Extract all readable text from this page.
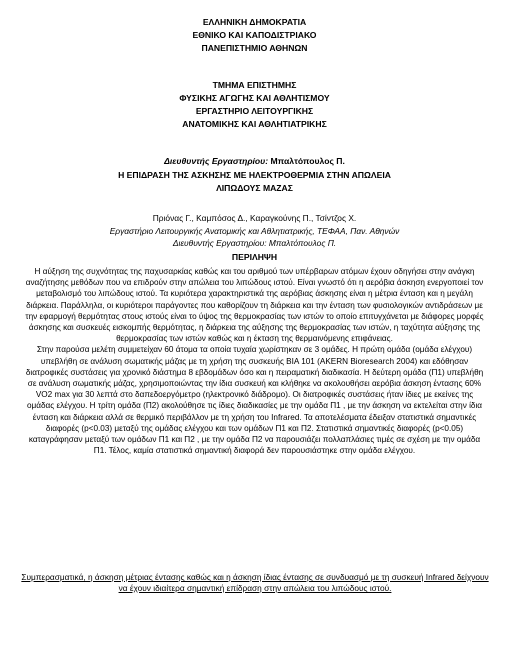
ΕΛΛΗΝΙΚΗ ΔΗΜΟΚΡΑΤΙΑ
ΕΘΝΙΚΟ ΚΑΙ ΚΑΠΟΔΙΣΤΡΙΑΚΟ
ΠΑΝΕΠΙΣΤΗΜΙΟ ΑΘΗΝΩΝ
ΤΜΗΜΑ ΕΠΙΣΤΗΜΗΣ
ΦΥΣΙΚΗΣ ΑΓΩΓΗΣ ΚΑΙ ΑΘΛΗΤΙΣΜΟΥ
ΕΡΓΑΣΤΗΡΙΟ ΛΕΙΤΟΥΡΓΙΚΗΣ
ΑΝΑΤΟΜΙΚΗΣ ΚΑΙ ΑΘΛΗΤΙΑΤΡΙΚΗΣ
Διευθυντής Εργαστηρίου: Μπαλτόπουλος Π.
Η ΕΠΙΔΡΑΣΗ ΤΗΣ ΑΣΚΗΣΗΣ ΜΕ ΗΛΕΚΤΡΟΘΕΡΜΙΑ ΣΤΗΝ ΑΠΩΛΕΙΑ
ΛΙΠΩΔΟΥΣ ΜΑΖΑΣ
Πριόνας Γ., Καμπόσος Δ., Καραγκούνης Π., Τσίντζος Χ.
Εργαστήριο Λειτουργικής Ανατομικής και Αθλητιατρικής, ΤΕΦΑΑ, Παν. Αθηνών
Διευθυντής Εργαστηρίου: Μπαλτόπουλος Π.
ΠΕΡΙΛΗΨΗ

Η αύξηση της συχνότητας της παχυσαρκίας καθώς και του αριθμού των υπέρβαρων ατόμων έχουν οδηγήσει στην ανάγκη αναζήτησης μεθόδων που να επιδρούν στην απώλεια του λιπώδους ιστού. Είναι γνωστό ότι η αερόβια άσκηση ενεργοποιεί τον μεταβολισμό του λιπώδους ιστού. Τα κυριότερα χαρακτηριστικά της αερόβιας άσκησης είναι η μέτρια ένταση και η μεγάλη διάρκεια. Παράλληλα, οι κυριότεροι παράγοντες που καθορίζουν τη διάρκεια και την ένταση των φυσιολογικών αντιδράσεων με την εφαρμογή θερμότητας στους ιστούς είναι το ύψος της θερμοκρασίας των ιστών το οποίο επιτυγχάνεται με διάφορες μορφές άσκησης και συσκευές εισκομπής θερμότητας, η διάρκεια της αύξησης της θερμοκρασίας των ιστών, η ταχύτητα αύξησης της θερμοκρασίας των ιστών καθώς και η έκταση της θερμαινόμενης επιφάνειας.

Στην παρούσα μελέτη συμμετείχαν 60 άτομα τα οποία τυχαία χωρίστηκαν σε 3 ομάδες. Η πρώτη ομάδα (ομάδα ελέγχου) υπεβλήθη σε ανάλυση σωματικής μάζας με τη χρήση της συσκευής BIA 101 (AKERN Bioresearch 2004) και εδόθησαν διατροφικές συστάσεις για χρονικό διάστημα 8 εβδομάδων όσο και η πειραματική διαδικασία. Η δεύτερη ομάδα (Π1) υπεβλήθη σε ανάλυση σωματικής μάζας, χρησιμοποιώντας την ίδια συσκευή και κλήθηκε να ακολουθήσει αερόβια άσκηση έντασης 60% VO2 max για 30 λεπτά στο δαπεδοεργόμετρο (ηλεκτρονικό διάδρομο). Οι διατροφικές συστάσεις ήταν ίδιες με εκείνες της ομάδας ελέγχου. Η τρίτη ομάδα (Π2) ακολούθησε τις ίδιες διαδικασίες με την ομάδα Π1 , με την άσκηση να εκτελείται στην ίδια ένταση και διάρκεια αλλά σε θερμικό περιβάλλον με τη χρήση του Infrared. Τα αποτελέσματα έδειξαν στατιστικά σημαντικές διαφορές (p<0.03) μεταξύ της ομάδας ελέγχου και των ομάδων Π1 και Π2. Στατιστικά σημαντικές διαφορές (p<0.05) καταγράφησαν μεταξύ των ομάδων Π1 και Π2 , με την ομάδα Π2 να παρουσιάζει πολλαπλάσιες τιμές σε σχέση με την ομάδα Π1. Τέλος, καμία στατιστικά σημαντική διαφορά δεν παρουσιάστηκε στην ομάδα ελέγχου.

Συμπερασματικά, η άσκηση μέτριας έντασης καθώς και η άσκηση ίδιας έντασης σε συνδυασμό με τη συσκευή Infrared δείχνουν να έχουν ιδιαίτερα σημαντική επίδραση στην απώλεια του λιπώδους ιστού.
